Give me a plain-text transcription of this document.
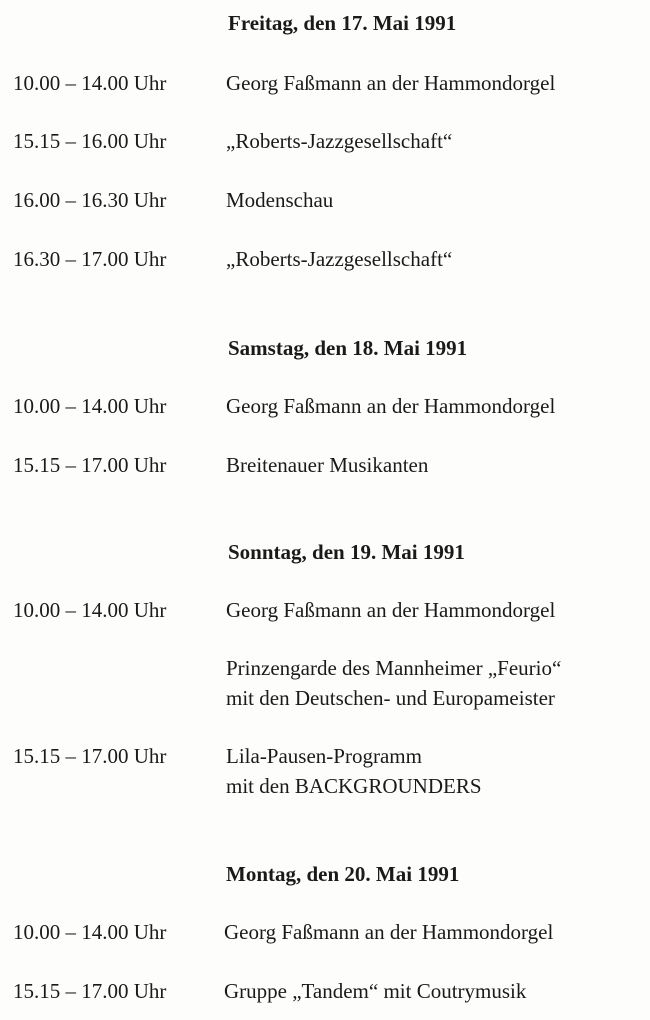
Freitag, den 17. Mai 1991
10.00 – 14.00 Uhr	Georg Faßmann an der Hammondorgel
15.15 – 16.00 Uhr	„Roberts-Jazzgesellschaft“
16.00 – 16.30 Uhr	Modenschau
16.30 – 17.00 Uhr	„Roberts-Jazzgesellschaft“
Samstag, den 18. Mai 1991
10.00 – 14.00 Uhr	Georg Faßmann an der Hammondorgel
15.15 – 17.00 Uhr	Breitenauer Musikanten
Sonntag, den 19. Mai 1991
10.00 – 14.00 Uhr	Georg Faßmann an der Hammondorgel
Prinzengarde des Mannheimer „Feurio“
mit den Deutschen- und Europameister
15.15 – 17.00 Uhr	Lila-Pausen-Programm
mit den BACKGROUNDERS
Montag, den 20. Mai 1991
10.00 – 14.00 Uhr	Georg Faßmann an der Hammondorgel
15.15 – 17.00 Uhr	Gruppe „Tandem“ mit Coutrymusik
